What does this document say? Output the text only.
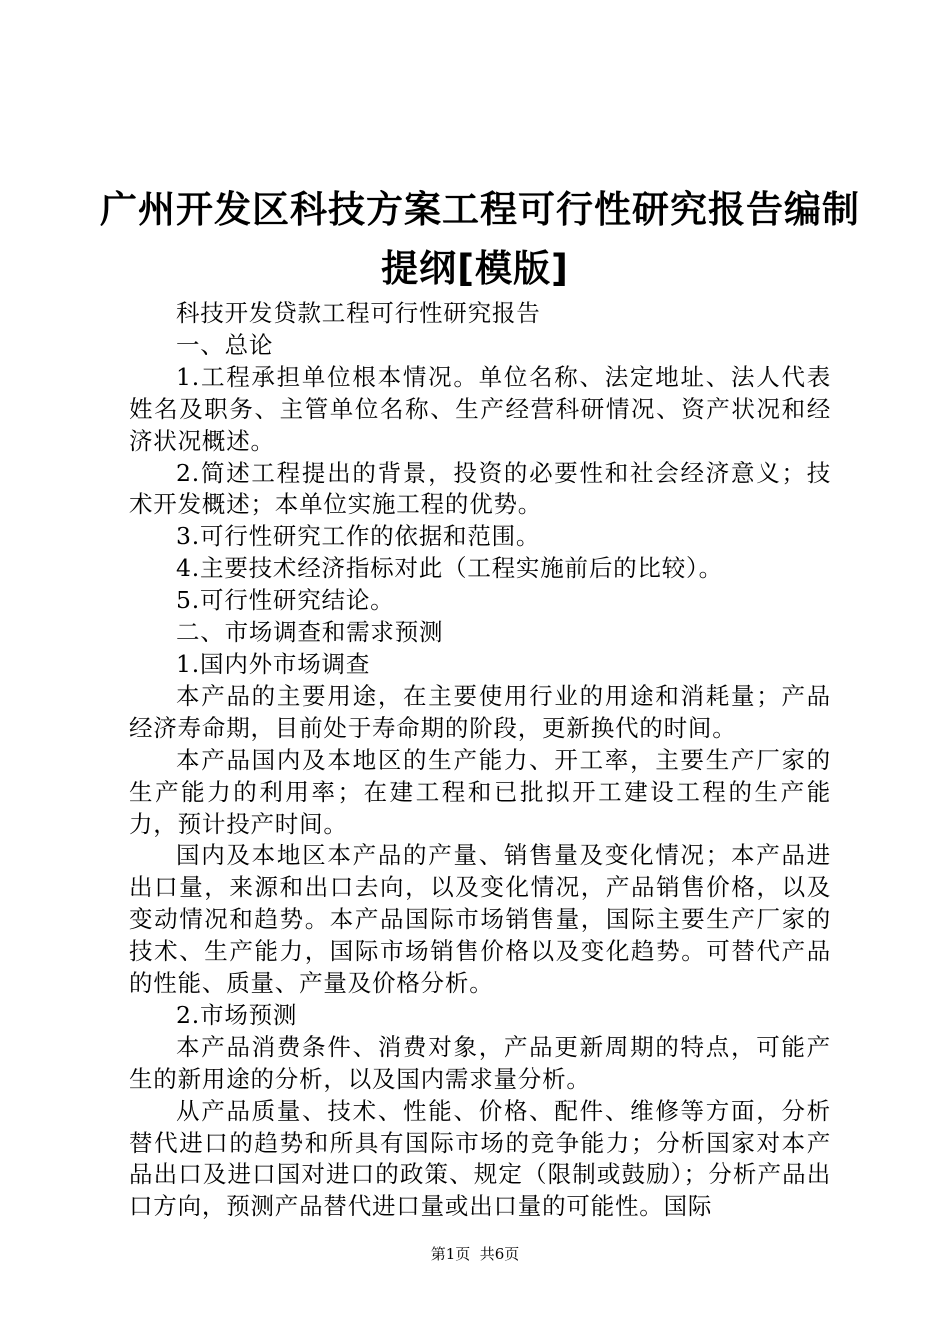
广州开发区科技方案工程可行性研究报告编制
提纲[模版]

科技开发贷款工程可行性研究报告

一、总论

1.工程承担单位根本情况。单位名称、法定地址、法人代表姓名及职务、主管单位名称、生产经营科研情况、资产状况和经济状况概述。

2.简述工程提出的背景，投资的必要性和社会经济意义；技术开发概述；本单位实施工程的优势。

3.可行性研究工作的依据和范围。

4.主要技术经济指标对此（工程实施前后的比较）。

5.可行性研究结论。

二、市场调查和需求预测

1.国内外市场调查

本产品的主要用途，在主要使用行业的用途和消耗量；产品经济寿命期，目前处于寿命期的阶段，更新换代的时间。

本产品国内及本地区的生产能力、开工率，主要生产厂家的生产能力的利用率；在建工程和已批拟开工建设工程的生产能力，预计投产时间。

国内及本地区本产品的产量、销售量及变化情况；本产品进出口量，来源和出口去向，以及变化情况，产品销售价格，以及变动情况和趋势。本产品国际市场销售量，国际主要生产厂家的技术、生产能力，国际市场销售价格以及变化趋势。可替代产品的性能、质量、产量及价格分析。

2.市场预测

本产品消费条件、消费对象，产品更新周期的特点，可能产生的新用途的分析，以及国内需求量分析。

从产品质量、技术、性能、价格、配件、维修等方面，分析替代进口的趋势和所具有国际市场的竞争能力；分析国家对本产品出口及进口国对进口的政策、规定（限制或鼓励）；分析产品出口方向，预测产品替代进口量或出口量的可能性。国际

第1页  共6页
